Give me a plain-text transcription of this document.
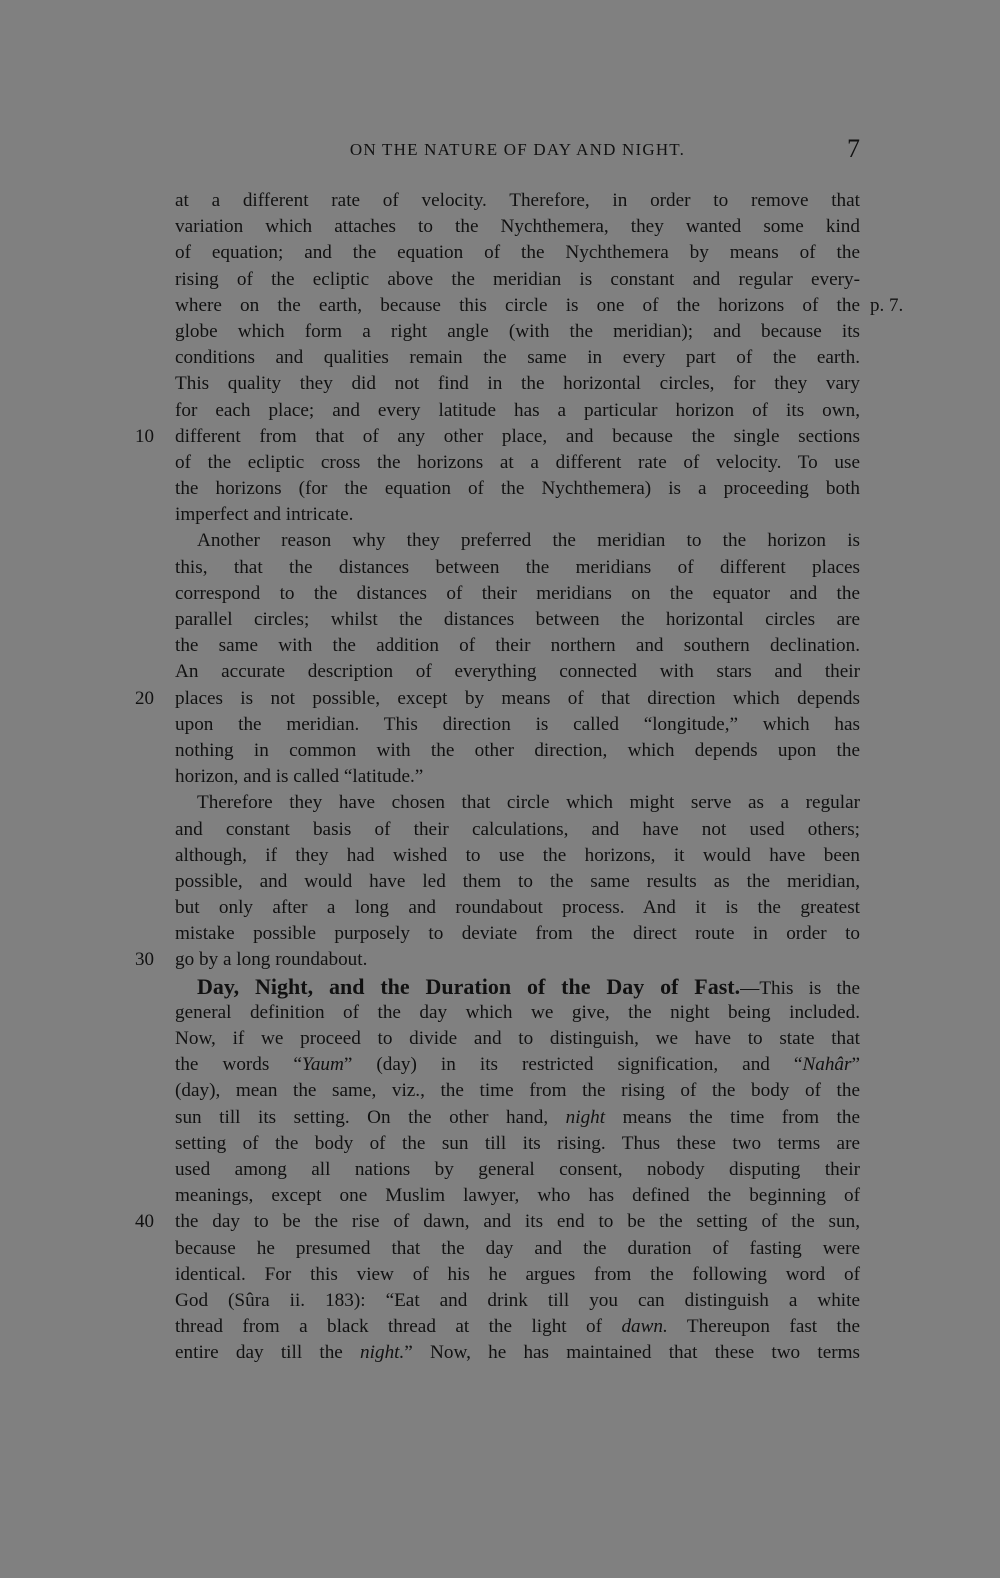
ON THE NATURE OF DAY AND NIGHT.	7
at a different rate of velocity. Therefore, in order to remove that
variation which attaches to the Nychthemera, they wanted some kind
of equation; and the equation of the Nychthemera by means of the
rising of the ecliptic above the meridian is constant and regular every-
where on the earth, because this circle is one of the horizons of the p. 7.
globe which form a right angle (with the meridian); and because its
conditions and qualities remain the same in every part of the earth.
This quality they did not find in the horizontal circles, for they vary
for each place; and every latitude has a particular horizon of its own,
10	different from that of any other place, and because the single sections
of the ecliptic cross the horizons at a different rate of velocity. To use
the horizons (for the equation of the Nychthemera) is a proceeding both
imperfect and intricate.
Another reason why they preferred the meridian to the horizon is
this, that the distances between the meridians of different places
correspond to the distances of their meridians on the equator and the
parallel circles; whilst the distances between the horizontal circles are
the same with the addition of their northern and southern declination.
An accurate description of everything connected with stars and their
20	places is not possible, except by means of that direction which depends
upon the meridian. This direction is called “longitude,” which has
nothing in common with the other direction, which depends upon the
horizon, and is called “latitude.”
Therefore they have chosen that circle which might serve as a regular
and constant basis of their calculations, and have not used others;
although, if they had wished to use the horizons, it would have been
possible, and would have led them to the same results as the meridian,
but only after a long and roundabout process. And it is the greatest
mistake possible purposely to deviate from the direct route in order to
30	go by a long roundabout.
Day, Night, and the Duration of the Day of Fast.—This is the
general definition of the day which we give, the night being included.
Now, if we proceed to divide and to distinguish, we have to state that
the words “Yaum” (day) in its restricted signification, and “Nahâr”
(day), mean the same, viz., the time from the rising of the body of the
sun till its setting. On the other hand, night means the time from the
setting of the body of the sun till its rising. Thus these two terms are
used among all nations by general consent, nobody disputing their
meanings, except one Muslim lawyer, who has defined the beginning of
40	the day to be the rise of dawn, and its end to be the setting of the sun,
because he presumed that the day and the duration of fasting were
identical. For this view of his he argues from the following word of
God (Sûra ii. 183): “Eat and drink till you can distinguish a white
thread from a black thread at the light of dawn. Thereupon fast the
entire day till the night.” Now, he has maintained that these two terms
